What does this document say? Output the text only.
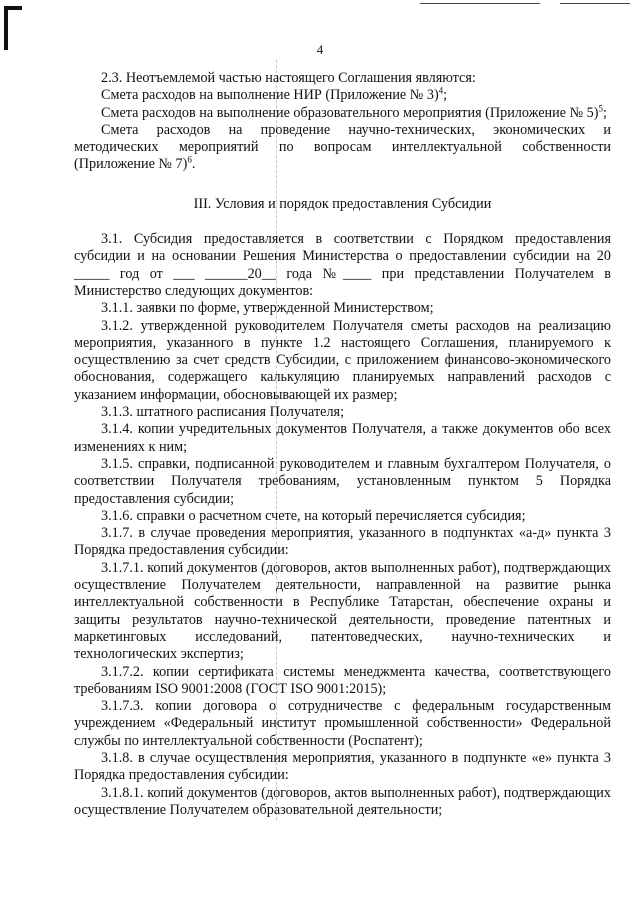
4

2.3. Неотъемлемой частью настоящего Соглашения являются:

Смета расходов на выполнение НИР (Приложение № 3)$^4$;

Смета расходов на выполнение образовательного мероприятия (Приложение № 5)$^5$;

Смета расходов на проведение научно-технических, экономических и методических мероприятий по вопросам интеллектуальной собственности (Приложение № 7)$^6$.

III. Условия и порядок предоставления Субсидии

3.1. Субсидия предоставляется в соответствии с Порядком предоставления субсидии и на основании Решения Министерства о предоставлении субсидии на 20 _____ год от ___ ______20__ года №____ при представлении Получателем в Министерство следующих документов:

3.1.1. заявки по форме, утвержденной Министерством;

3.1.2. утвержденной руководителем Получателя сметы расходов на реализацию мероприятия, указанного в пункте 1.2 настоящего Соглашения, планируемого к осуществлению за счет средств Субсидии, с приложением финансово-экономического обоснования, содержащего калькуляцию планируемых направлений расходов с указанием информации, обосновывающей их размер;

3.1.3. штатного расписания Получателя;

3.1.4. копии учредительных документов Получателя, а также документов обо всех изменениях к ним;

3.1.5. справки, подписанной руководителем и главным бухгалтером Получателя, о соответствии Получателя требованиям, установленным пунктом 5 Порядка предоставления субсидии;

3.1.6. справки о расчетном счете, на который перечисляется субсидия;

3.1.7. в случае проведения мероприятия, указанного в подпунктах «а-д» пункта 3 Порядка предоставления субсидии:

3.1.7.1. копий документов (договоров, актов выполненных работ), подтверждающих осуществление Получателем деятельности, направленной на развитие рынка интеллектуальной собственности в Республике Татарстан, обеспечение охраны и защиты результатов научно-технической деятельности, проведение патентных и маркетинговых исследований, патентоведческих, научно-технических и технологических экспертиз;

3.1.7.2. копии сертификата системы менеджмента качества, соответствующего требованиям ISO 9001:2008 (ГОСТ ISO 9001:2015);

3.1.7.3. копии договора о сотрудничестве с федеральным государственным учреждением «Федеральный институт промышленной собственности» Федеральной службы по интеллектуальной собственности (Роспатент);

3.1.8. в случае осуществления мероприятия, указанного в подпункте «е» пункта 3 Порядка предоставления субсидии:

3.1.8.1. копий документов (договоров, актов выполненных работ), подтверждающих осуществление Получателем образовательной деятельности;
